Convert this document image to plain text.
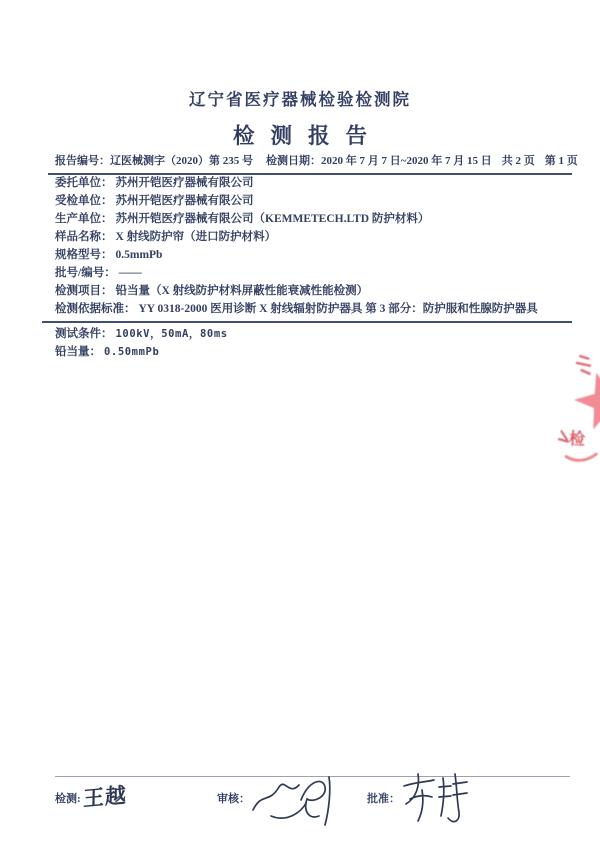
辽宁省医疗器械检验检测院
检测报告
报告编号：辽医械测字（2020）第 235 号 检测日期：2020 年 7 月 7 日~2020 年 7 月 15 日 共 2 页 第 1 页
委托单位： 苏州开铠医疗器械有限公司
受检单位： 苏州开铠医疗器械有限公司
生产单位： 苏州开铠医疗器械有限公司（KEMMETECH.LTD 防护材料）
样品名称： X 射线防护帘（进口防护材料）
规格型号： 0.5mmPb
批号/编号： ——
检测项目： 铅当量（X 射线防护材料屏蔽性能衰减性能检测）
检测依据标准： YY 0318-2000 医用诊断 X 射线辐射防护器具 第 3 部分：防护服和性腺防护器具
测试条件： 100kV，50mA，80ms
铅当量： 0.50mmPb
检
检测: 王越	审核：	批准：
